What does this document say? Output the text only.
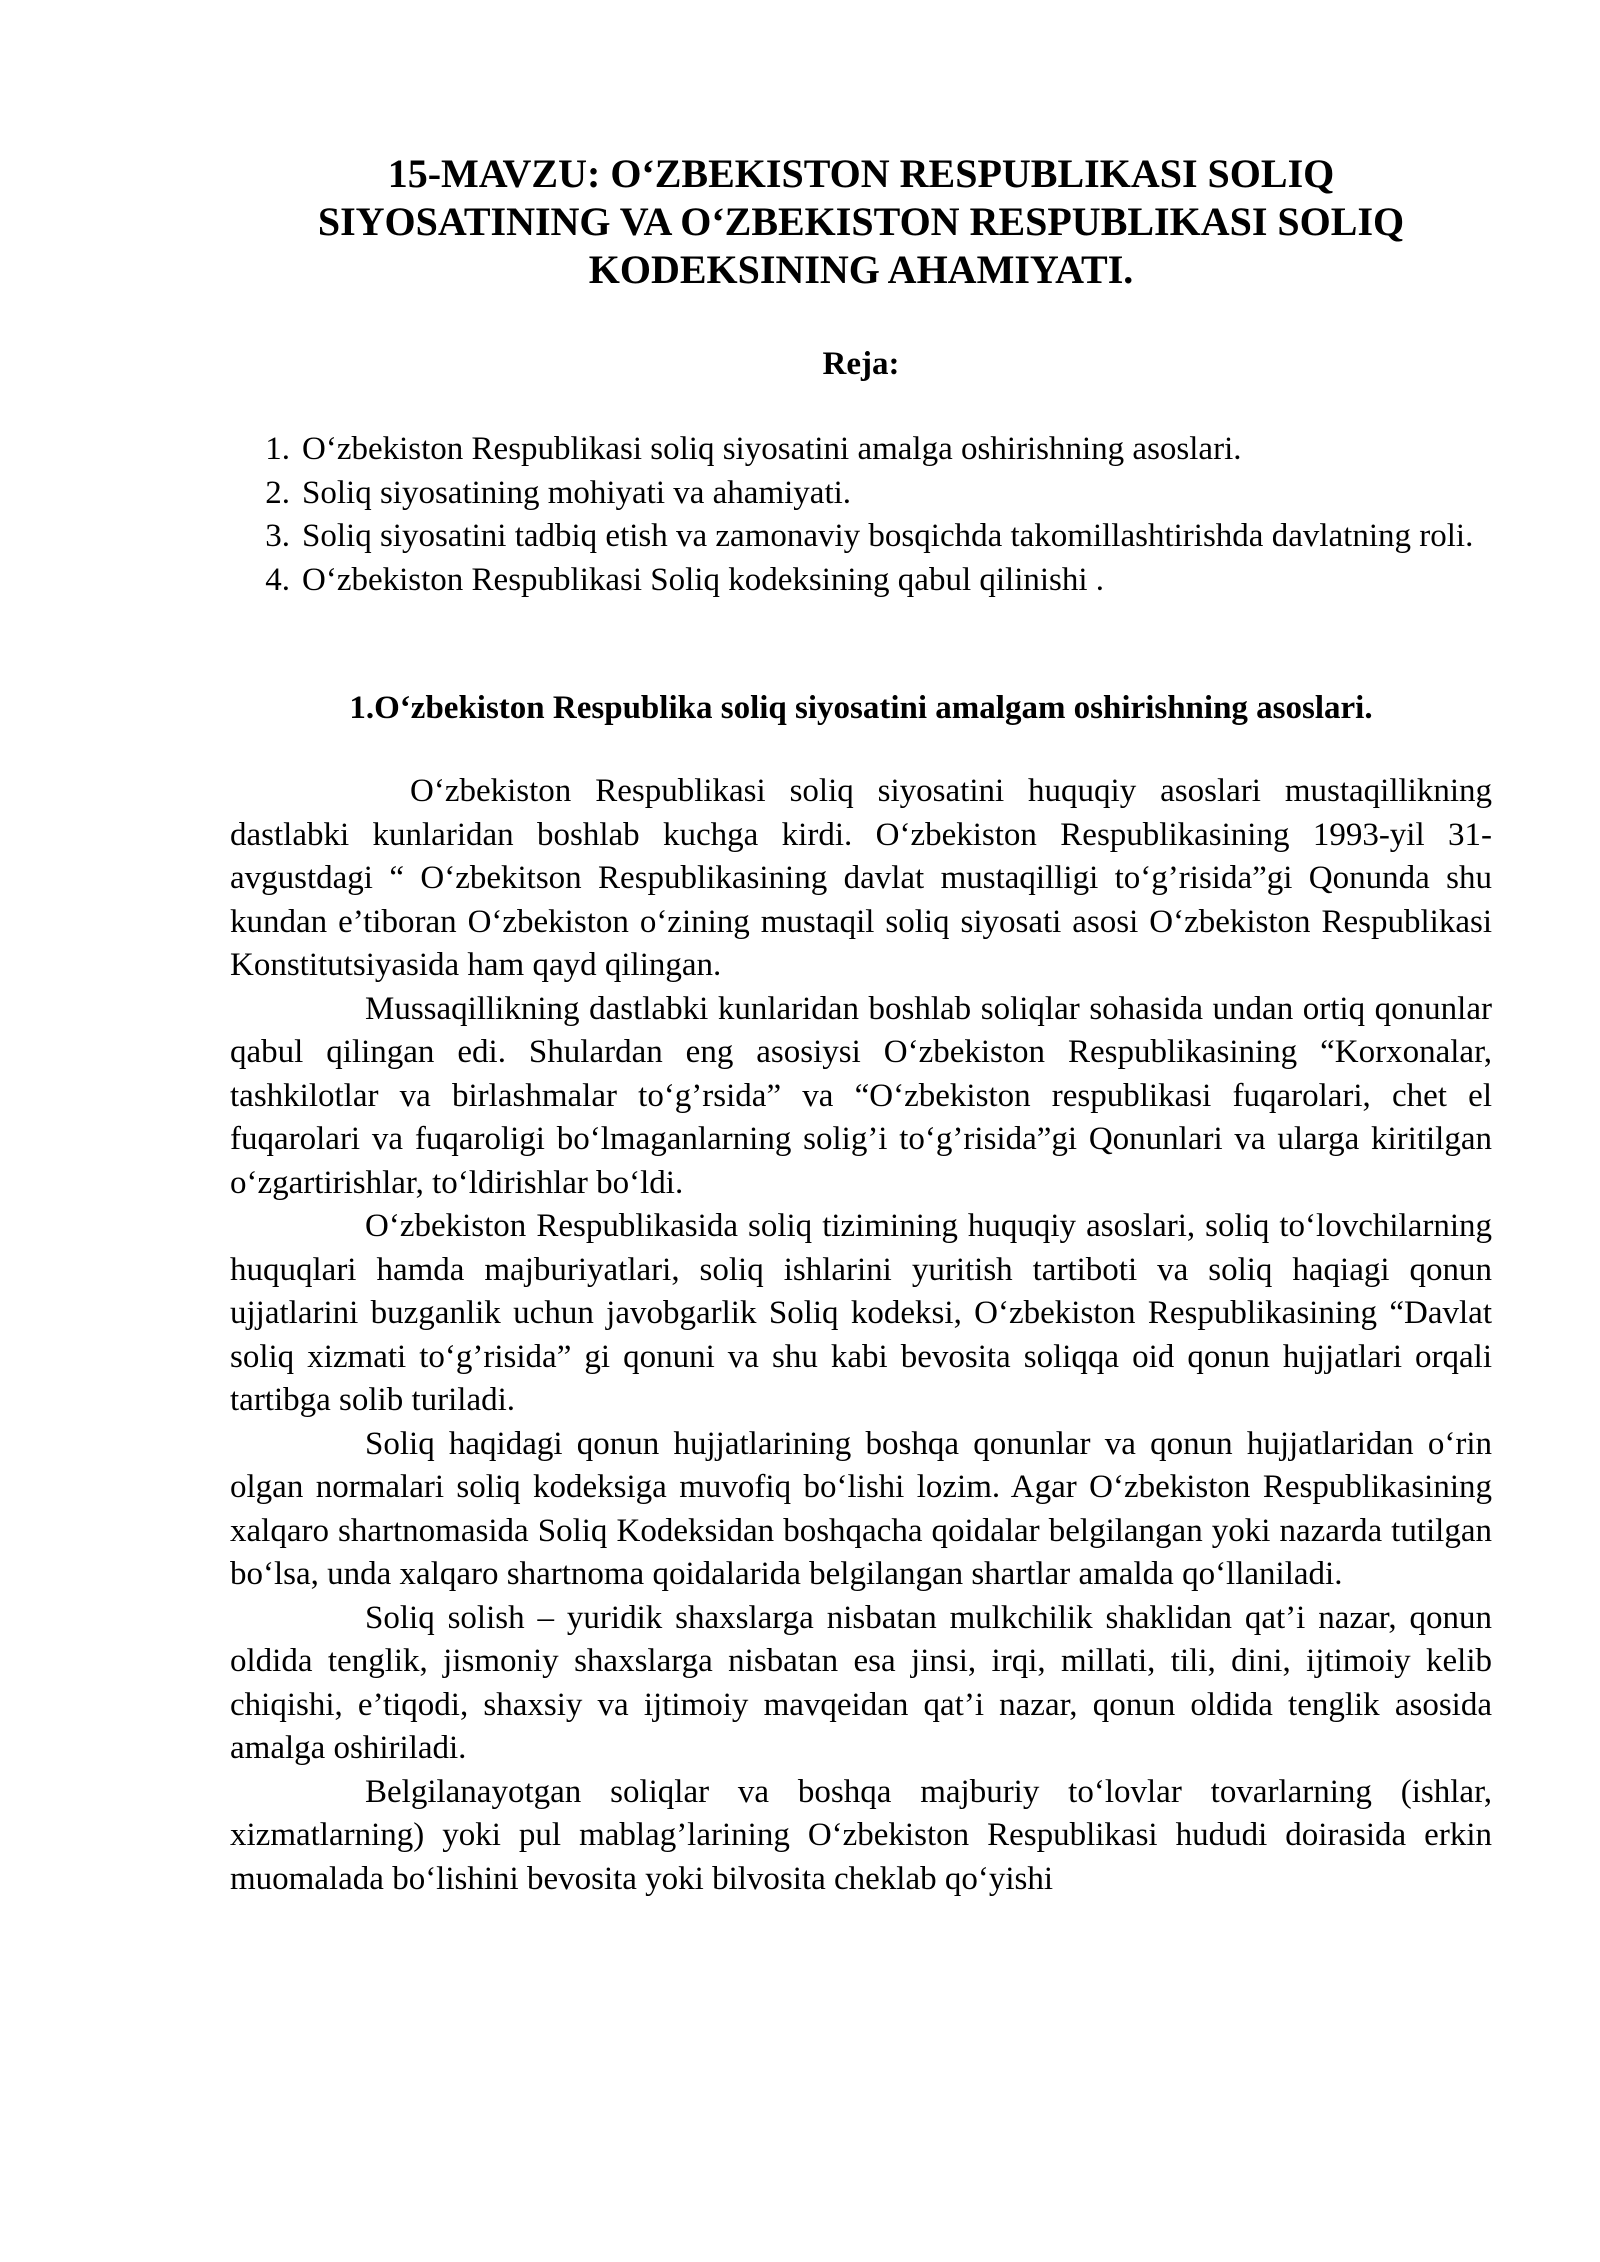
15-MAVZU: O‘ZBEKISTON RESPUBLIKASI SOLIQ SIYOSATINING VA O‘ZBEKISTON RESPUBLIKASI SOLIQ KODEKSINING AHAMIYATI.
Reja:
1. O‘zbekiston Respublikasi soliq siyosatini amalga oshirishning asoslari.
2. Soliq siyosatining mohiyati va ahamiyati.
3. Soliq siyosatini tadbiq etish va zamonaviy bosqichda takomillashtirishda davlatning roli.
4. O‘zbekiston Respublikasi Soliq kodeksining qabul qilinishi .
1.O‘zbekiston Respublika soliq siyosatini amalgam oshirishning asoslari.

O‘zbekiston Respublikasi soliq siyosatini huquqiy asoslari mustaqillikning dastlabki kunlaridan boshlab kuchga kirdi. O‘zbekiston Respublikasining 1993-yil 31-avgustdagi “ O‘zbekitson Respublikasining davlat mustaqilligi to‘g’risida”gi Qonunda shu kundan e’tiboran O‘zbekiston o‘zining mustaqil soliq siyosati asosi O‘zbekiston Respublikasi Konstitutsiyasida ham qayd qilingan.

Mussaqillikning dastlabki kunlaridan boshlab soliqlar sohasida undan ortiq qonunlar qabul qilingan edi. Shulardan eng asosiysi O‘zbekiston Respublikasining “Korxonalar, tashkilotlar va birlashmalar to‘g’rsida” va “O‘zbekiston respublikasi fuqarolari, chet el fuqarolari va fuqaroligi bo‘lmaganlarning solig’i to‘g’risida”gi Qonunlari va ularga kiritilgan o‘zgartirishlar, to‘ldirishlar bo‘ldi.

O‘zbekiston Respublikasida soliq tizimining huquqiy asoslari, soliq to‘lovchilarning huquqlari hamda majburiyatlari, soliq ishlarini yuritish tartiboti va soliq haqiagi qonun ujjatlarini buzganlik uchun javobgarlik Soliq kodeksi, O‘zbekiston Respublikasining “Davlat soliq xizmati to‘g’risida” gi qonuni va shu kabi bevosita soliqqa oid qonun hujjatlari orqali tartibga solib turiladi.

Soliq haqidagi qonun hujjatlarining boshqa qonunlar va qonun hujjatlaridan o‘rin olgan normalari soliq kodeksiga muvofiq bo‘lishi lozim. Agar O‘zbekiston Respublikasining xalqaro shartnomasida Soliq Kodeksidan boshqacha qoidalar belgilangan yoki nazarda tutilgan bo‘lsa, unda xalqaro shartnoma qoidalarida belgilangan shartlar amalda qo‘llaniladi.

Soliq solish – yuridik shaxslarga nisbatan mulkchilik shaklidan qat’i nazar, qonun oldida tenglik, jismoniy shaxslarga nisbatan esa jinsi, irqi, millati, tili, dini, ijtimoiy kelib chiqishi, e’tiqodi, shaxsiy va ijtimoiy mavqeidan qat’i nazar, qonun oldida tenglik asosida amalga oshiriladi.

Belgilanayotgan soliqlar va boshqa majburiy to‘lovlar tovarlarning (ishlar, xizmatlarning) yoki pul mablag’larining O‘zbekiston Respublikasi hududi doirasida erkin muomalada bo‘lishini bevosita yoki bilvosita cheklab qo‘yishi
